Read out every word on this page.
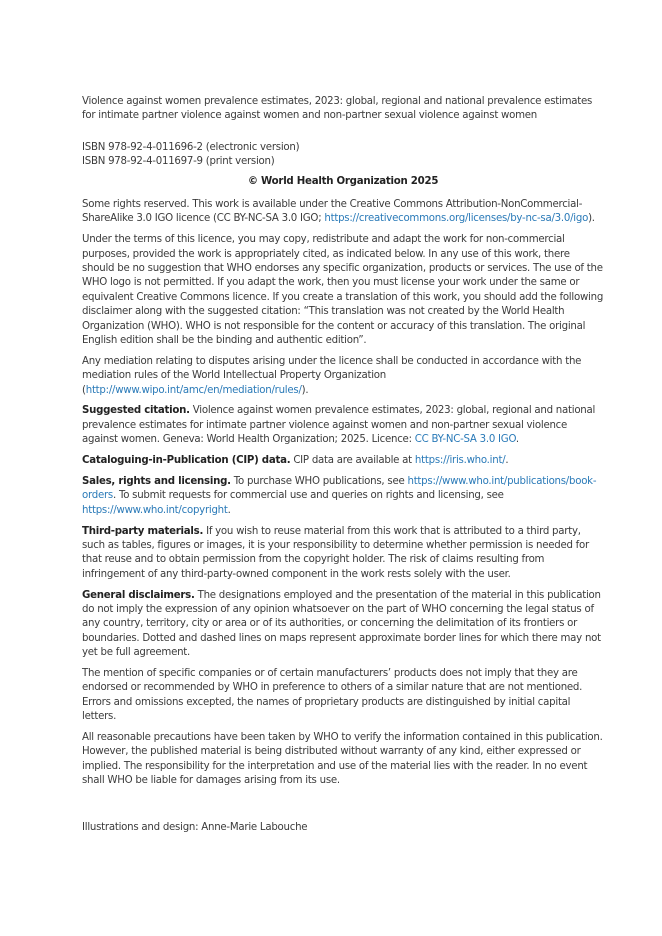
Violence against women prevalence estimates, 2023: global, regional and national prevalence estimates for intimate partner violence against women and non-partner sexual violence against women

ISBN 978-92-4-011696-2 (electronic version)
ISBN 978-92-4-011697-9 (print version)

© World Health Organization 2025

Some rights reserved. This work is available under the Creative Commons Attribution-NonCommercial-ShareAlike 3.0 IGO licence (CC BY-NC-SA 3.0 IGO; https://creativecommons.org/licenses/by-nc-sa/3.0/igo).

Under the terms of this licence, you may copy, redistribute and adapt the work for non-commercial purposes, provided the work is appropriately cited, as indicated below. In any use of this work, there should be no suggestion that WHO endorses any specific organization, products or services. The use of the WHO logo is not permitted. If you adapt the work, then you must license your work under the same or equivalent Creative Commons licence. If you create a translation of this work, you should add the following disclaimer along with the suggested citation: “This translation was not created by the World Health Organization (WHO). WHO is not responsible for the content or accuracy of this translation. The original English edition shall be the binding and authentic edition”.

Any mediation relating to disputes arising under the licence shall be conducted in accordance with the mediation rules of the World Intellectual Property Organization (http://www.wipo.int/amc/en/mediation/rules/).

Suggested citation. Violence against women prevalence estimates, 2023: global, regional and national prevalence estimates for intimate partner violence against women and non-partner sexual violence against women. Geneva: World Health Organization; 2025. Licence: CC BY-NC-SA 3.0 IGO.

Cataloguing-in-Publication (CIP) data. CIP data are available at https://iris.who.int/.

Sales, rights and licensing. To purchase WHO publications, see https://www.who.int/publications/book-orders. To submit requests for commercial use and queries on rights and licensing, see https://www.who.int/copyright.

Third-party materials. If you wish to reuse material from this work that is attributed to a third party, such as tables, figures or images, it is your responsibility to determine whether permission is needed for that reuse and to obtain permission from the copyright holder. The risk of claims resulting from infringement of any third-party-owned component in the work rests solely with the user.

General disclaimers. The designations employed and the presentation of the material in this publication do not imply the expression of any opinion whatsoever on the part of WHO concerning the legal status of any country, territory, city or area or of its authorities, or concerning the delimitation of its frontiers or boundaries. Dotted and dashed lines on maps represent approximate border lines for which there may not yet be full agreement.

The mention of specific companies or of certain manufacturers’ products does not imply that they are endorsed or recommended by WHO in preference to others of a similar nature that are not mentioned. Errors and omissions excepted, the names of proprietary products are distinguished by initial capital letters.

All reasonable precautions have been taken by WHO to verify the information contained in this publication. However, the published material is being distributed without warranty of any kind, either expressed or implied. The responsibility for the interpretation and use of the material lies with the reader. In no event shall WHO be liable for damages arising from its use.

Illustrations and design: Anne-Marie Labouche
